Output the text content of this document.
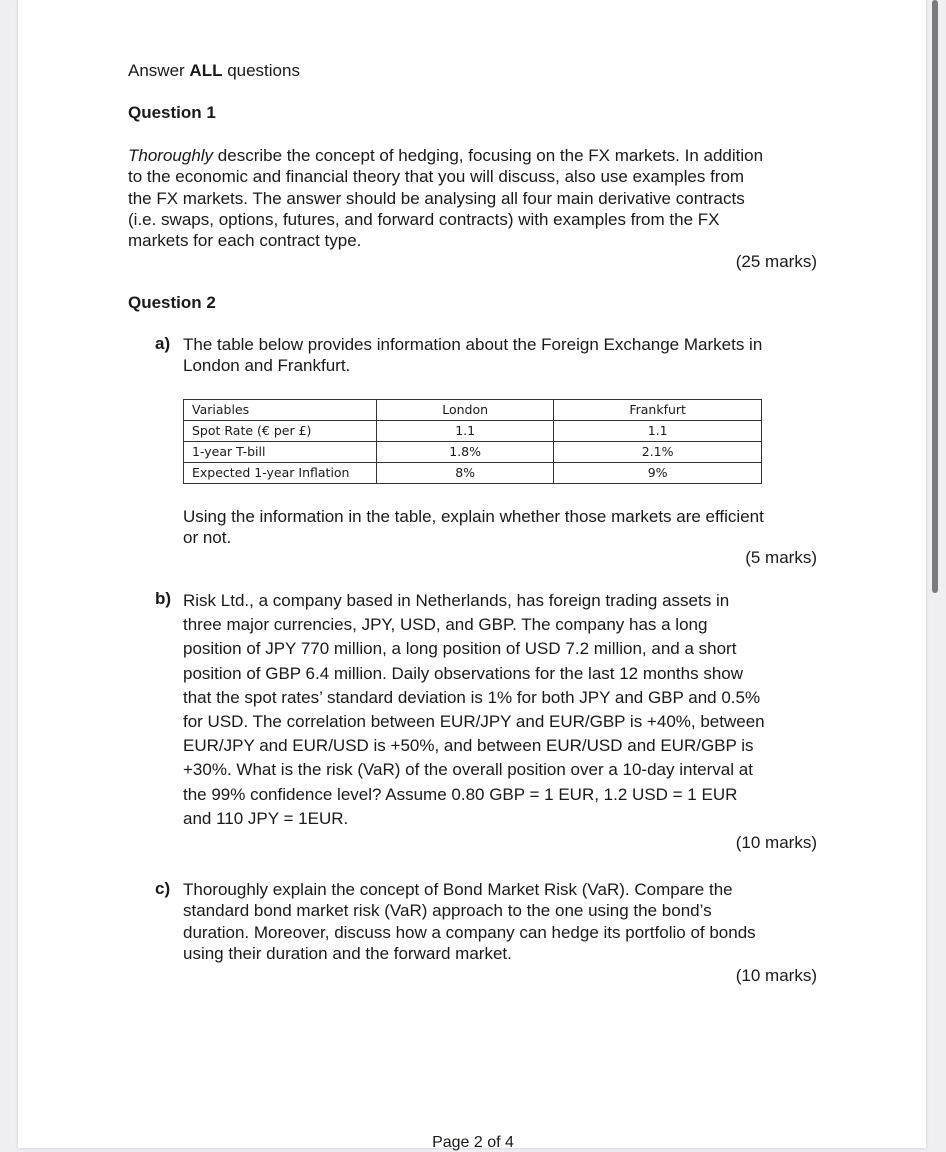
Answer ALL questions
Question 1
Thoroughly describe the concept of hedging, focusing on the FX markets. In addition
to the economic and financial theory that you will discuss, also use examples from
the FX markets. The answer should be analysing all four main derivative contracts
(i.e. swaps, options, futures, and forward contracts) with examples from the FX
markets for each contract type.
(25 marks)
Question 2
a) The table below provides information about the Foreign Exchange Markets in
London and Frankfurt.
Variables	London	Frankfurt
Spot Rate (€ per £)	1.1	1.1
1-year T-bill	1.8%	2.1%
Expected 1-year Inflation	8%	9%
Using the information in the table, explain whether those markets are efficient
or not.
(5 marks)
b) Risk Ltd., a company based in Netherlands, has foreign trading assets in
three major currencies, JPY, USD, and GBP. The company has a long
position of JPY 770 million, a long position of USD 7.2 million, and a short
position of GBP 6.4 million. Daily observations for the last 12 months show
that the spot rates’ standard deviation is 1% for both JPY and GBP and 0.5%
for USD. The correlation between EUR/JPY and EUR/GBP is +40%, between
EUR/JPY and EUR/USD is +50%, and between EUR/USD and EUR/GBP is
+30%. What is the risk (VaR) of the overall position over a 10-day interval at
the 99% confidence level? Assume 0.80 GBP = 1 EUR, 1.2 USD = 1 EUR
and 110 JPY = 1EUR.
(10 marks)
c) Thoroughly explain the concept of Bond Market Risk (VaR). Compare the
standard bond market risk (VaR) approach to the one using the bond’s
duration. Moreover, discuss how a company can hedge its portfolio of bonds
using their duration and the forward market.
(10 marks)
Page 2 of 4
